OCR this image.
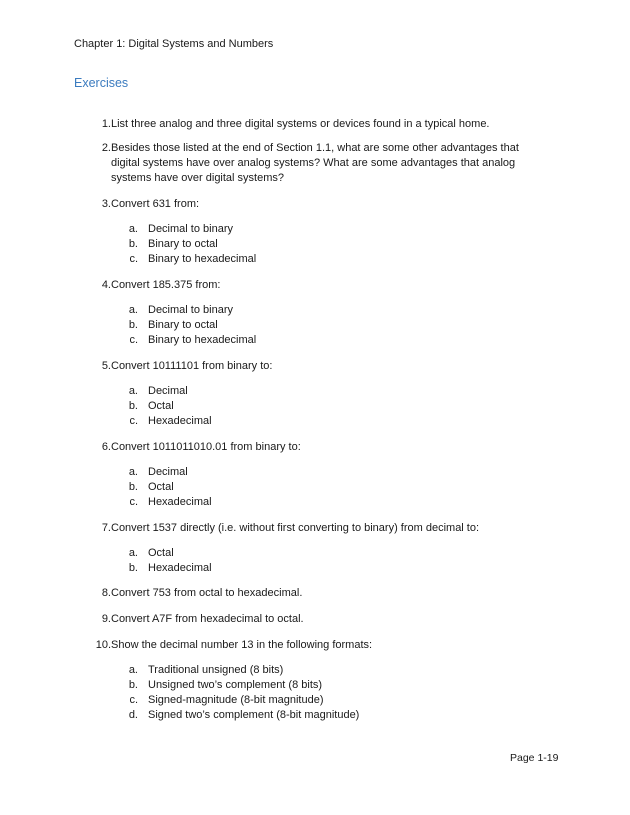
Chapter 1: Digital Systems and Numbers
Exercises
1. List three analog and three digital systems or devices found in a typical home.
2. Besides those listed at the end of Section 1.1, what are some other advantages that
digital systems have over analog systems? What are some advantages that analog
systems have over digital systems?
3. Convert 631 from:
a. Decimal to binary
b. Binary to octal
c. Binary to hexadecimal
4. Convert 185.375 from:
a. Decimal to binary
b. Binary to octal
c. Binary to hexadecimal
5. Convert 10111101 from binary to:
a. Decimal
b. Octal
c. Hexadecimal
6. Convert 1011011010.01 from binary to:
a. Decimal
b. Octal
c. Hexadecimal
7. Convert 1537 directly (i.e. without first converting to binary) from decimal to:
a. Octal
b. Hexadecimal
8. Convert 753 from octal to hexadecimal.
9. Convert A7F from hexadecimal to octal.
10. Show the decimal number 13 in the following formats:
a. Traditional unsigned (8 bits)
b. Unsigned two’s complement (8 bits)
c. Signed-magnitude (8-bit magnitude)
d. Signed two’s complement (8-bit magnitude)
Page 1-19
